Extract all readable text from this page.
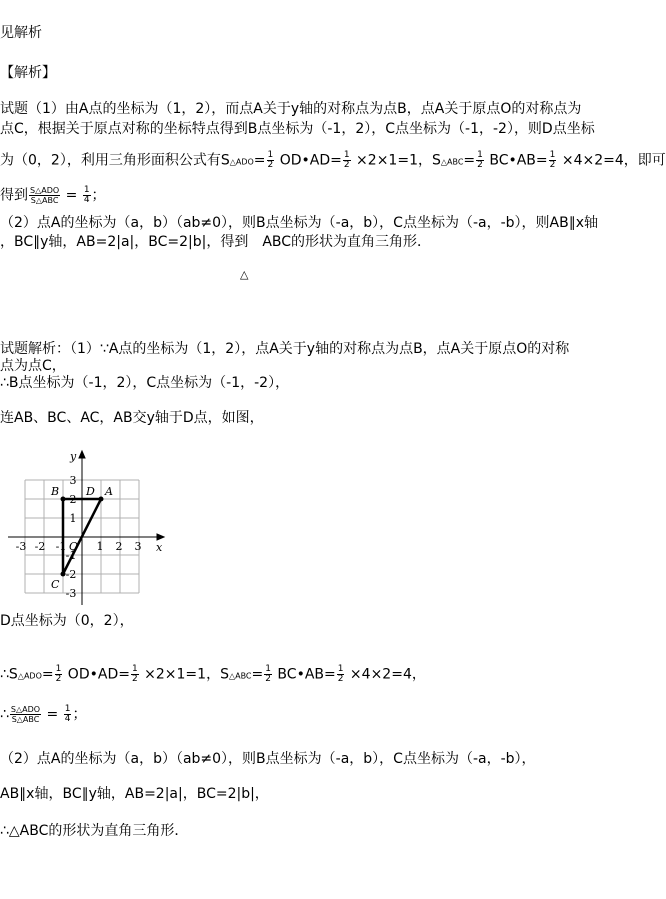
见解析
【解析】
试题（1）由A点的坐标为（1，2），而点A关于y轴的对称点为点B，点A关于原点O的对称点为
点C，根据关于原点对称的坐标特点得到B点坐标为（-1，2），C点坐标为（-1，-2），则D点坐标
为（0，2），利用三角形面积公式有S△ADO= $\frac{1}{2}$ OD•AD= $\frac{1}{2} \times 2\times 1=1$，S△ABC= $\frac{1}{2}$ BC•AB= $\frac{1}{2} \times 4\times 2=4$，即可
得到 $\frac{\text{S△ADO}}{\text{S△ABC}} = \frac{1}{4}$ ；
（2）点A的坐标为（a，b）（ab≠0），则B点坐标为（-a，b），C点坐标为（-a，-b），则AB∥x轴
，BC∥y轴，AB=2|a|，BC=2|b|，得到　ABC的形状为直角三角形．
△
试题解析：（1）∵A点的坐标为（1，2），点A关于y轴的对称点为点B，点A关于原点O的对称
点为点C，
∴B点坐标为（-1，2），C点坐标为（-1，-2），
连AB、BC、AC，AB交y轴于D点，如图，
x
y
O
A
B
C
D
-3 -2 -1	1 2 3
3
2
1
-1
-2
-3
D点坐标为（0，2），
∴S△ADO= $\frac{1}{2}$ OD•AD= $\frac{1}{2} \times 2\times 1=1$，S△ABC= $\frac{1}{2}$ BC•AB= $\frac{1}{2} \times 4\times 2=4$，
∴ $\frac{\text{S△ADO}}{\text{S△ABC}} = \frac{1}{4}$ ；
（2）点A的坐标为（a，b）（ab≠0），则B点坐标为（-a，b），C点坐标为（-a，-b），
AB∥x轴，BC∥y轴，AB=2|a|，BC=2|b|，
∴△ABC的形状为直角三角形．
